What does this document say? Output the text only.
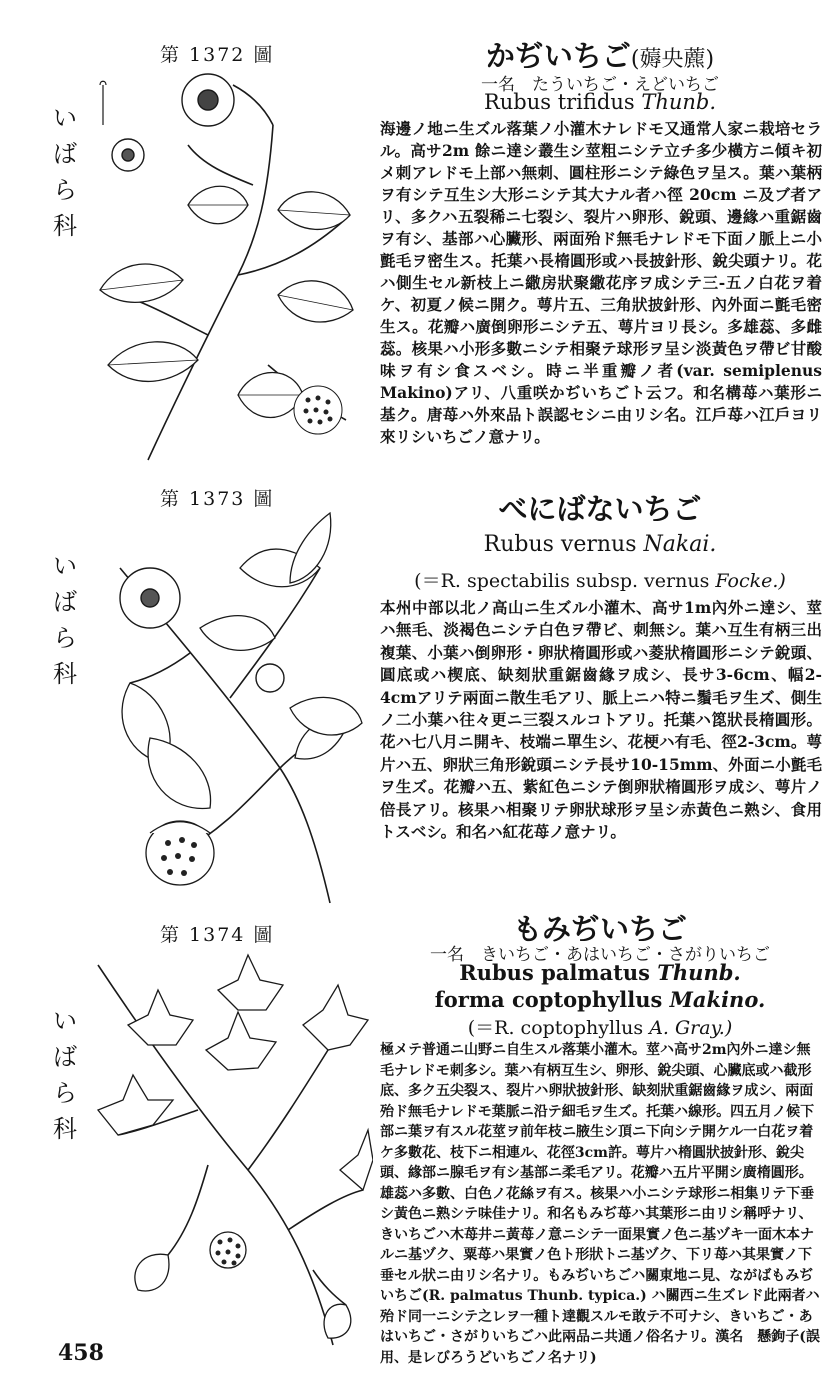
第 1372 圖
い
ば
ら
科
かぢいちご(薅央藨)
一名　たういちご・えどいちご
Rubus trifidus Thunb.
海邊ノ地ニ生ズル落葉ノ小灌木ナレドモ又通常人家ニ栽培セラル。高サ2m 餘ニ達シ叢生シ莖粗ニシテ立チ多少橫方ニ傾キ初メ刺アレドモ上部ハ無刺、圓柱形ニシテ綠色ヲ呈ス。葉ハ葉柄ヲ有シテ互生シ大形ニシテ其大ナル者ハ徑 20cm ニ及ブ者アリ、多クハ五裂稀ニ七裂シ、裂片ハ卵形、銳頭、邊緣ハ重鋸齒ヲ有シ、基部ハ心臟形、兩面殆ド無毛ナレドモ下面ノ脈上ニ小氈毛ヲ密生ス。托葉ハ長楕圓形或ハ長披針形、銳尖頭ナリ。花ハ側生セル新枝上ニ繖房狀聚繖花序ヲ成シテ三-五ノ白花ヲ着ケ、初夏ノ候ニ開ク。萼片五、三角狀披針形、內外面ニ氈毛密生ス。花瓣ハ廣倒卵形ニシテ五、萼片ヨリ長シ。多雄蕊、多雌蕊。核果ハ小形多數ニシテ相聚テ球形ヲ呈シ淡黃色ヲ帶ビ甘酸味ヲ有シ食スベシ。時ニ半重瓣ノ者(var. semiplenus Makino)アリ、八重咲かぢいちごト云フ。和名構苺ハ葉形ニ基ク。唐苺ハ外來品ト誤認セシニ由リシ名。江戶苺ハ江戶ヨリ來リシいちごノ意ナリ。
第 1373 圖
い
ば
ら
科
べにばないちご
Rubus vernus Nakai.
(＝R. spectabilis subsp. vernus Focke.)
本州中部以北ノ高山ニ生ズル小灌木、高サ1m內外ニ達シ、莖ハ無毛、淡褐色ニシテ白色ヲ帶ビ、刺無シ。葉ハ互生有柄三出複葉、小葉ハ倒卵形・卵狀楕圓形或ハ菱狀楕圓形ニシテ銳頭、圓底或ハ楔底、缺刻狀重鋸齒緣ヲ成シ、長サ3-6cm、幅2-4cmアリテ兩面ニ散生毛アリ、脈上ニハ特ニ鬚毛ヲ生ズ、側生ノ二小葉ハ往々更ニ三裂スルコトアリ。托葉ハ箆狀長楕圓形。花ハ七八月ニ開キ、枝端ニ單生シ、花梗ハ有毛、徑2-3cm。萼片ハ五、卵狀三角形銳頭ニシテ長サ10-15mm、外面ニ小氈毛ヲ生ズ。花瓣ハ五、紫紅色ニシテ倒卵狀楕圓形ヲ成シ、萼片ノ倍長アリ。核果ハ相聚リテ卵狀球形ヲ呈シ赤黃色ニ熟シ、食用トスベシ。和名ハ紅花苺ノ意ナリ。
第 1374 圖
い
ば
ら
科
もみぢいちご
一名　きいちご・あはいちご・さがりいちご
Rubus palmatus Thunb.
forma coptophyllus Makino.
(＝R. coptophyllus A. Gray.)
極メテ普通ニ山野ニ自生スル落葉小灌木。莖ハ高サ2m內外ニ達シ無毛ナレドモ刺多シ。葉ハ有柄互生シ、卵形、銳尖頭、心臟底或ハ截形底、多ク五尖裂ス、裂片ハ卵狀披針形、缺刻狀重鋸齒緣ヲ成シ、兩面殆ド無毛ナレドモ葉脈ニ沿テ細毛ヲ生ズ。托葉ハ線形。四五月ノ候下部ニ葉ヲ有スル花莖ヲ前年枝ニ腋生シ頂ニ下向シテ開ケル一白花ヲ着ケ多數花、枝下ニ相連ル、花徑3cm許。萼片ハ楕圓狀披針形、銳尖頭、緣部ニ腺毛ヲ有シ基部ニ柔毛アリ。花瓣ハ五片平開シ廣楕圓形。雄蕊ハ多數、白色ノ花絲ヲ有ス。核果ハ小ニシテ球形ニ相集リテ下垂シ黃色ニ熟シテ味佳ナリ。和名もみぢ苺ハ其葉形ニ由リシ稱呼ナリ、きいちごハ木苺井ニ黃苺ノ意ニシテ一面果實ノ色ニ基ヅキ一面木本ナルニ基ヅク、粟苺ハ果實ノ色ト形狀トニ基ヅク、下リ苺ハ其果實ノ下垂セル狀ニ由リシ名ナリ。もみぢいちごハ關東地ニ見、ながばもみぢいちご(R. palmatus Thunb. typica.) ハ關西ニ生ズレド此兩者ハ殆ド同一ニシテ之レヲ一種ト達觀スルモ敢テ不可ナシ、きいちご・あはいちご・さがりいちごハ此兩品ニ共通ノ俗名ナリ。漢名　懸鉤子(誤用、是レびろうどいちごノ名ナリ)
458
